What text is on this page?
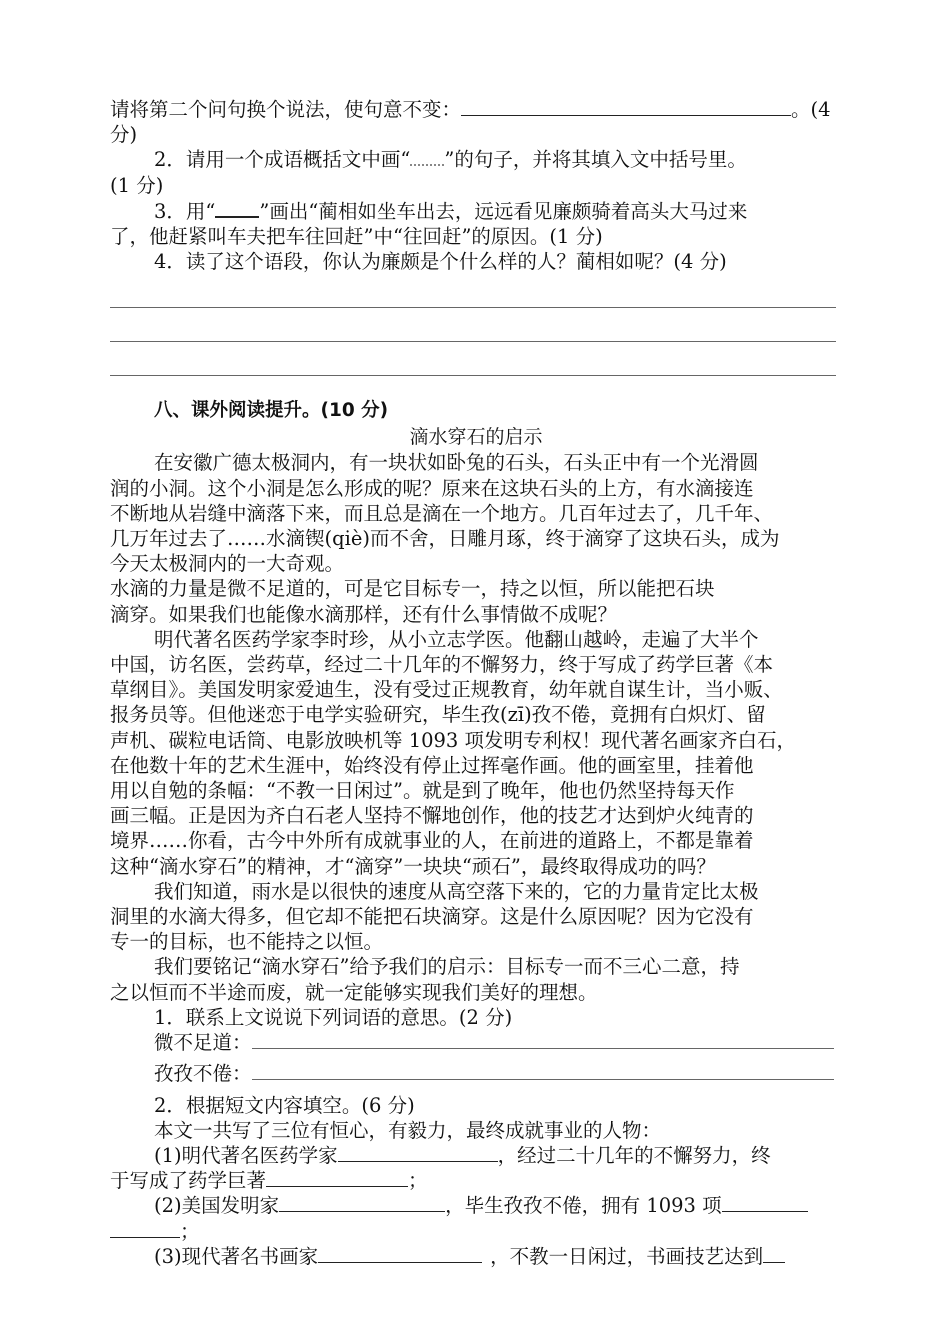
请将第二个问句换个说法，使句意不变：	。(4
分)
2．请用一个成语概括文中画“ ”的句子，并将其填入文中括号里。
(1 分)
3．用“ ”画出“蔺相如坐车出去，远远看见廉颇骑着高头大马过来
了，他赶紧叫车夫把车往回赶”中“往回赶”的原因。(1 分)
4．读了这个语段，你认为廉颇是个什么样的人？蔺相如呢？(4 分)
八、课外阅读提升。(10 分)
滴水穿石的启示
在安徽广德太极洞内，有一块状如卧兔的石头，石头正中有一个光滑圆
润的小洞。这个小洞是怎么形成的呢？原来在这块石头的上方，有水滴接连
不断地从岩缝中滴落下来，而且总是滴在一个地方。几百年过去了，几千年、
几万年过去了……水滴锲(qiè)而不舍，日雕月琢，终于滴穿了这块石头，成为
今天太极洞内的一大奇观。
水滴的力量是微不足道的，可是它目标专一，持之以恒，所以能把石块
滴穿。如果我们也能像水滴那样，还有什么事情做不成呢？
明代著名医药学家李时珍，从小立志学医。他翻山越岭，走遍了大半个
中国，访名医，尝药草，经过二十几年的不懈努力，终于写成了药学巨著《本
草纲目》。美国发明家爱迪生，没有受过正规教育，幼年就自谋生计，当小贩、
报务员等。但他迷恋于电学实验研究，毕生孜(zī)孜不倦，竟拥有白炽灯、留
声机、碳粒电话筒、电影放映机等 1093 项发明专利权！现代著名画家齐白石，
在他数十年的艺术生涯中，始终没有停止过挥毫作画。他的画室里，挂着他
用以自勉的条幅：“不教一日闲过”。就是到了晚年，他也仍然坚持每天作
画三幅。正是因为齐白石老人坚持不懈地创作，他的技艺才达到炉火纯青的
境界……你看，古今中外所有成就事业的人，在前进的道路上，不都是靠着
这种“滴水穿石”的精神，才“滴穿”一块块“顽石”，最终取得成功的吗？
我们知道，雨水是以很快的速度从高空落下来的，它的力量肯定比太极
洞里的水滴大得多，但它却不能把石块滴穿。这是什么原因呢？因为它没有
专一的目标，也不能持之以恒。
我们要铭记“滴水穿石”给予我们的启示：目标专一而不三心二意，持
之以恒而不半途而废，就一定能够实现我们美好的理想。
1．联系上文说说下列词语的意思。(2 分)
微不足道：
孜孜不倦：
2．根据短文内容填空。(6 分)
本文一共写了三位有恒心，有毅力，最终成就事业的人物：
(1)明代著名医药学家	，经过二十几年的不懈努力，终
于写成了药学巨著	；
(2)美国发明家	，毕生孜孜不倦，拥有 1093 项
；
(3)现代著名书画家	，不教一日闲过，书画技艺达到
